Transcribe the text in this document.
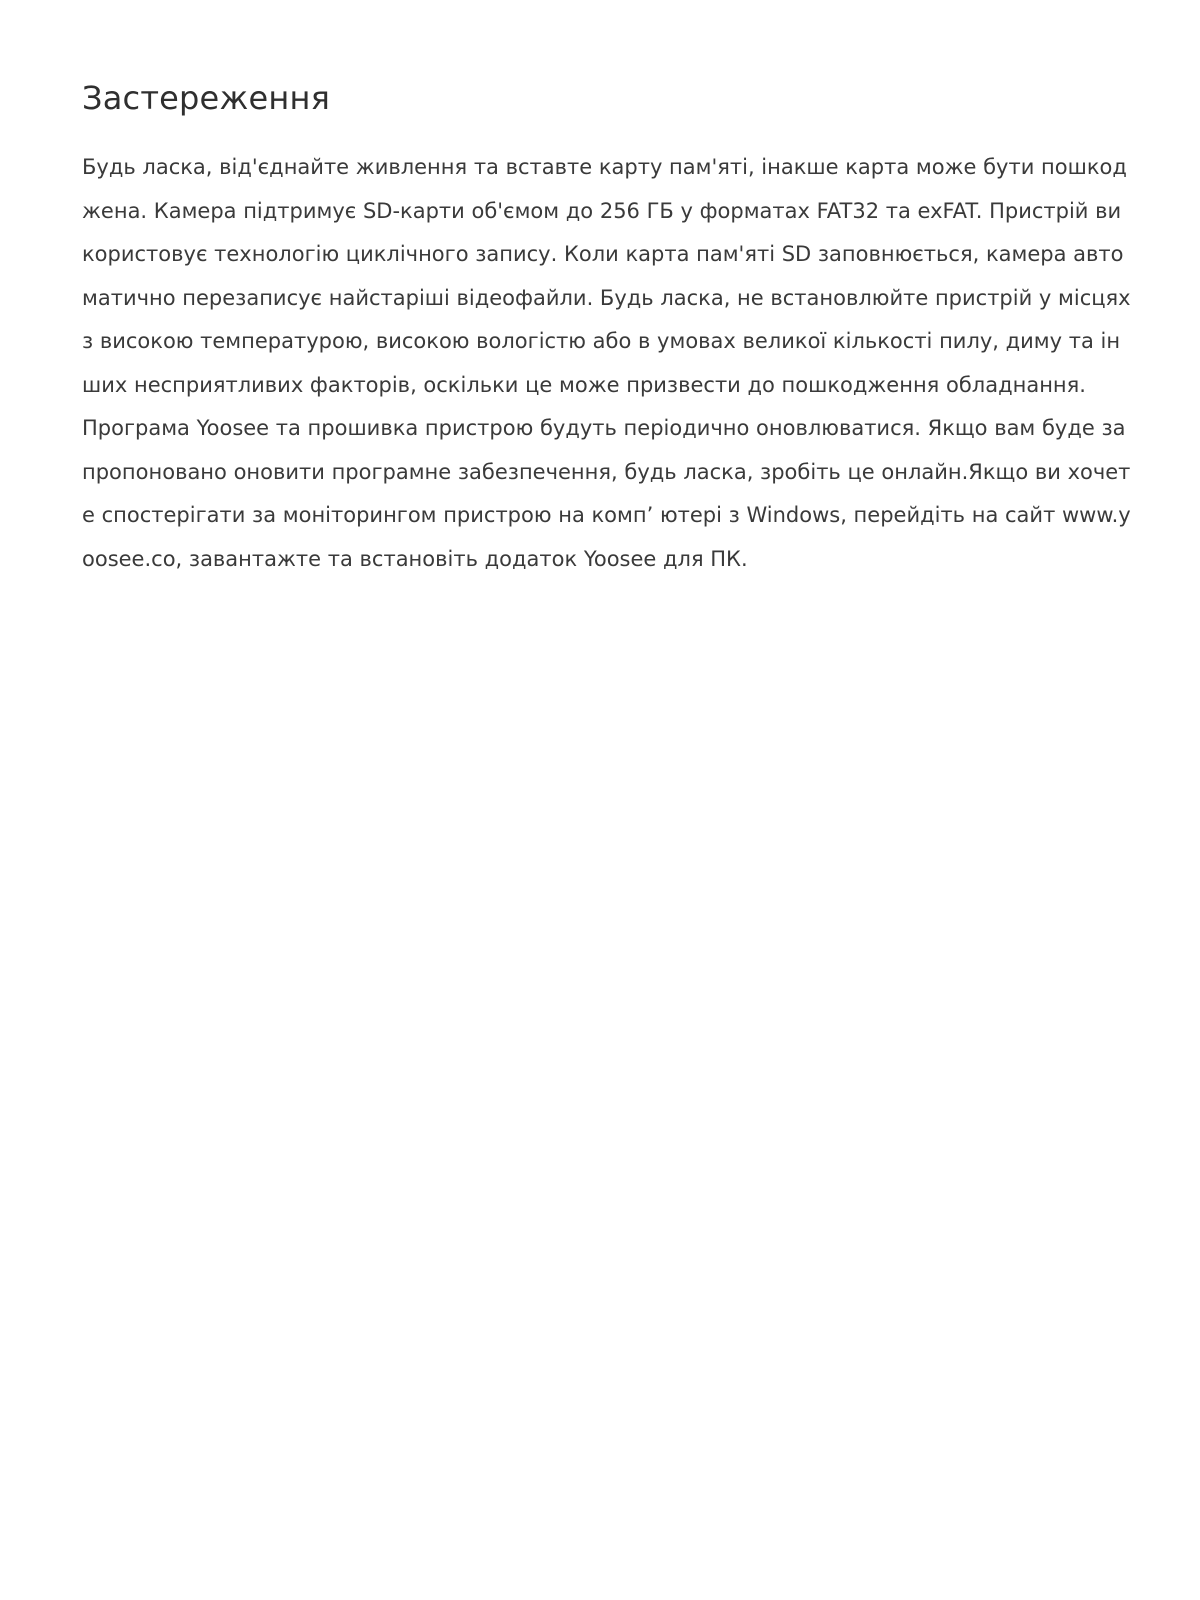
Застереження

Будь ласка, від'єднайте живлення та вставте карту пам'яті, інакше карта може бути пошкоджена. Камера підтримує SD-карти об'ємом до 256 ГБ у форматах FAT32 та exFAT. Пристрій використовує технологію циклічного запису. Коли карта пам'яті SD заповнюється, камера автоматично перезаписує найстаріші відеофайли. Будь ласка, не встановлюйте пристрій у місцях з високою температурою, високою вологістю або в умовах великої кількості пилу, диму та інших несприятливих факторів, оскільки це може призвести до пошкодження обладнання.

Програма Yoosee та прошивка пристрою будуть періодично оновлюватися. Якщо вам буде запропоновано оновити програмне забезпечення, будь ласка, зробіть це онлайн.Якщо ви хочете спостерігати за моніторингом пристрою на комп’ ютері з Windows, перейдіть на сайт www.yoosee.co, завантажте та встановіть додаток Yoosee для ПК.
